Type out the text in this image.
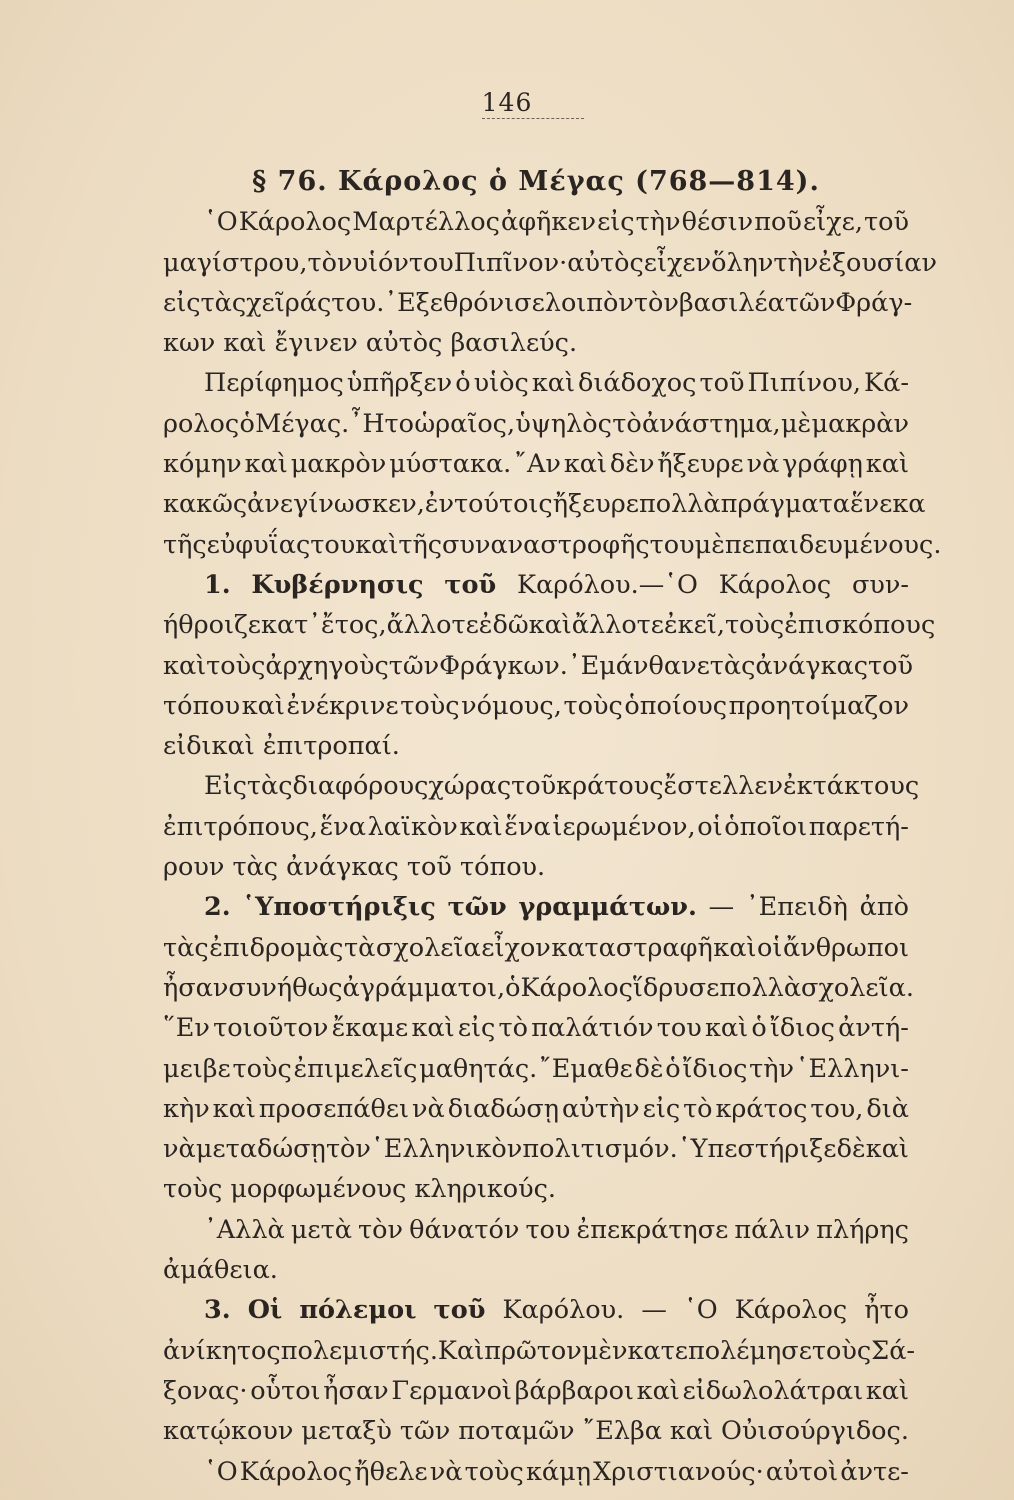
146
§ 76. Κάρολος ὁ Μέγας (768—814).
῾Ο Κάρολος Μαρτέλλος ἀφῆκεν εἰς τὴν θέσιν ποῦ εἶχε, τοῦ
μαγίστρου, τὸν υἱόν του Πιπῖνον· αὐτὸς εἶχεν ὅλην τὴν ἐξουσίαν
εἰς τὰς χεῖράς του. ᾿Εξεθρόνισε λοιπὸν τὸν βασιλέα τῶν Φράγ-
κων καὶ ἔγινεν αὐτὸς βασιλεύς.
Περίφημος ὑπῆρξεν ὁ υἱὸς καὶ διάδοχος τοῦ Πιπίνου, Κά-
ρολος ὁ Μέγας. ῏Ητο ὡραῖος, ὑψηλὸς τὸ ἀνάστημα, μὲ μακρὰν
κόμην καὶ μακρὸν μύστακα. ῎Αν καὶ δὲν ἤξευρε νὰ γράφῃ καὶ
κακῶς ἀνεγίνωσκεν, ἐν τούτοις ἤξευρε πολλὰ πράγματα ἕνεκα
τῆς εὐφυΐας του καὶ τῆς συναναστροφῆς του μὲ πεπαιδευμένους.
1. Κυβέρνησις τοῦ Καρόλου.—῾Ο Κάρολος συν-
ήθροιζε κατ᾿ ἔτος, ἄλλοτε ἐδῶ καὶ ἄλλοτε ἐκεῖ, τοὺς ἐπισκόπους
καὶ τοὺς ἀρχηγοὺς τῶν Φράγκων. ᾿Εμάνθανε τὰς ἀνάγκας τοῦ
τόπου καὶ ἐνέκρινε τοὺς νόμους, τοὺς ὁποίους προητοίμαζον
εἰδικαὶ ἐπιτροπαί.
Εἰς τὰς διαφόρους χώρας τοῦ κράτους ἔστελλεν ἐκτάκτους
ἐπιτρόπους, ἕνα λαϊκὸν καὶ ἕνα ἱερωμένον, οἱ ὁποῖοι παρετή-
ρουν τὰς ἀνάγκας τοῦ τόπου.
2. ῾Υποστήριξις τῶν γραμμάτων. — ᾿Επειδὴ ἀπὸ
τὰς ἐπιδρομὰς τὰ σχολεῖα εἶχον καταστραφῆ καὶ οἱ ἄνθρωποι
ἦσαν συνήθως ἀγράμματοι, ὁ Κάρολος ἵδρυσε πολλὰ σχολεῖα.
῞Εν τοιοῦτον ἔκαμε καὶ εἰς τὸ παλάτιόν του καὶ ὁ ἴδιος ἀντή-
μειβε τοὺς ἐπιμελεῖς μαθητάς. ῎Εμαθε δὲ ὁ ἴδιος τὴν ῾Ελληνι-
κὴν καὶ προσεπάθει νὰ διαδώσῃ αὐτὴν εἰς τὸ κράτος του, διὰ
νὰ μεταδώσῃ τὸν ῾Ελληνικὸν πολιτισμόν. ῾Υπεστήριξε δὲ καὶ
τοὺς μορφωμένους κληρικούς.
᾿Αλλὰ μετὰ τὸν θάνατόν του ἐπεκράτησε πάλιν πλήρης
ἀμάθεια.
3. Οἱ πόλεμοι τοῦ Καρόλου. — ῾Ο Κάρολος ἦτο
ἀνίκητος πολεμιστής. Καὶ πρῶτον μὲν κατεπολέμησε τοὺς Σά-
ξονας· οὗτοι ἦσαν Γερμανοὶ βάρβαροι καὶ εἰδωλολάτραι καὶ
κατῴκουν μεταξὺ τῶν ποταμῶν ῎Ελβα καὶ Οὐισούργιδος.
῾Ο Κάρολος ἤθελε νὰ τοὺς κάμῃ Χριστιανούς· αὐτοὶ ἀντε-
